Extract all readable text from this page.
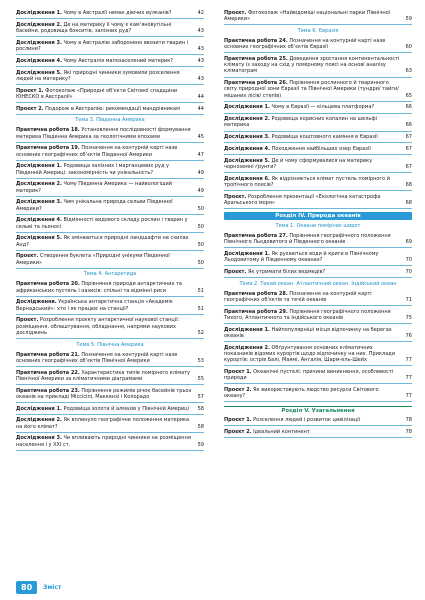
Дослідження 1. Чому в Австралії немає діючих вулканів?	42
Дослідження 2. Де на материку її чому є кам’яновугільні басейни, родовища бокситів, залізних руд?	43
Дослідження 3. Чому в Австралію заборонено ввозити тварин і рослини?	43
Дослідження 4. Чому Австралія малозаселений материк?	43
Дослідження 5. Які природні чинники зумовили розселення людей на материку?	43
Проєкт 1. Фотоколаж «Природні об’єкти Світової спадщини ЮНЕСКО в Австралії»	44
Проєкт 2. Подорож в Австралію: рекомендації мандрівникам	44
Тема 3. Південна Америка
Практична робота 18. Установлення послідовності формування материка Південна Америка за геологічними епохами	45
Практична робота 19. Позначення на контурній карті назв основних географічних об’єктів Південної Америки	47
Дослідження 1. Родовища залізних і марганцевих руд у Південній Америці: закономірність чи унікальність?	49
Дослідження 2. Чому Південна Америка — найвологіший материк?	49
Дослідження 3. Чим унікальна природа сельви Південної Америки?	50
Дослідження 4. Відмінності видового складу рослин і тварин у сельві та льяносі	50
Дослідження 5. Як змінюються природні ландшафти на схилах Анд?	50
Проєкт. Створення буклета «Природні унікуми Південної Америки»	50
Тема 4. Антарктида
Практична робота 20. Порівняння природи антарктичних та африканських пустель і оазисів: спільні та відмінні риси	51
Дослідження. Українська антарктична станція «Академік Вернадський»: хто і як працює на станції?	51
Проєкт. Розроблення проєкту антарктичної наукової станції: розміщення, облаштування, обладнання, напрями наукових досліджень	52
Тема 5. Північна Америка
Практична робота 21. Позначення на контурній карті назв основних географічних об’єктів Північної Америки	53
Практична робота 22. Характеристика типів помірного клімату Північної Америки за кліматичними діаграмами	55
Практична робота 23. Порівняння режимів річок басейнів трьох океанів на прикладі Міссісіпі, Маккензі і Колорадо	57
Дослідження 1. Родовища золота й алмазів у Північній Америці 58
Дослідження 2. Як вплинуло географічне положення материка на його клімат?	58
Дослідження 3. Чи впливають природні чинники на розміщення населення і у XXI ст.	59
Проєкт. Фотоколаж «Найвідоміші національні парки Північної Америки»	59
Тема 6. Євразія
Практична робота 24. Позначення на контурній карті назв основних географічних об’єктів Євразії	60
Практична робота 25. Доведення зростання континентальності клімату із заходу на схід у помірному поясі на основі аналізу кліматограм	63
Практична робота 26. Порівняння рослинного й тваринного світу природної зони Євразії та Північної Америки (тундри/ тайги/ мішаних лісів/ степів)	65
Дослідження 1. Чому в Євразії — кільцева платформа?	66
Дослідження 2. Родовища корисних копалин на шельфі материка	66
Дослідження 3. Родовища коштовного каміння в Євразії	67
Дослідження 4. Походження найбільших озер Євразії	67
Дослідження 5. Де й чому сформувалися на материку чорноземні ґрунти?	67
Дослідження 6. Як відрізняється клімат пустель помірного й тропічного поясів?	68
Проєкт. Розроблення презентації «Екологічна катастрофа Аральського моря»	68
Розділ IV. Природа океанів
Тема 1. Океани помірних широт
Практична робота 27. Порівняння географічного положення Північного Льодовитого й Південного океанів	69
Дослідження 1. Як рухаються води й криги в Північному Льодовитому й Південному океанах?	70
Проєкт. Як утримати білих ведмедів?	70
Тема 2. Тихий океан. Атлантичний океан. Індійський океан
Практична робота 28. Позначення на контурній карті географічних об’єктів та течій океанів	71
Практична робота 29. Порівняння географічного положення Тихого, Атлантичного та Індійського океанів	75
Дослідження 1. Найпопулярніші місця відпочинку на берегах океанів	76
Дослідження 2. Обґрунтування основних кліматичних показників відомих курортів щодо відпочинку на них. Приклади курортів: острів Балі, Маямі, Анталія, Шарм-ель-Шейх	77
Проєкт 1. Океанічні пустелі: причини виникнення, особливості природи	77
Проєкт 2. Як використовують людство ресурси Світового океану?	77
Розділ V. Узагальнення
Проєкт 1. Розселення людей і розвиток цивілізації	78
Проєкт 2. Ідеальний континент	78
80	Зміст
